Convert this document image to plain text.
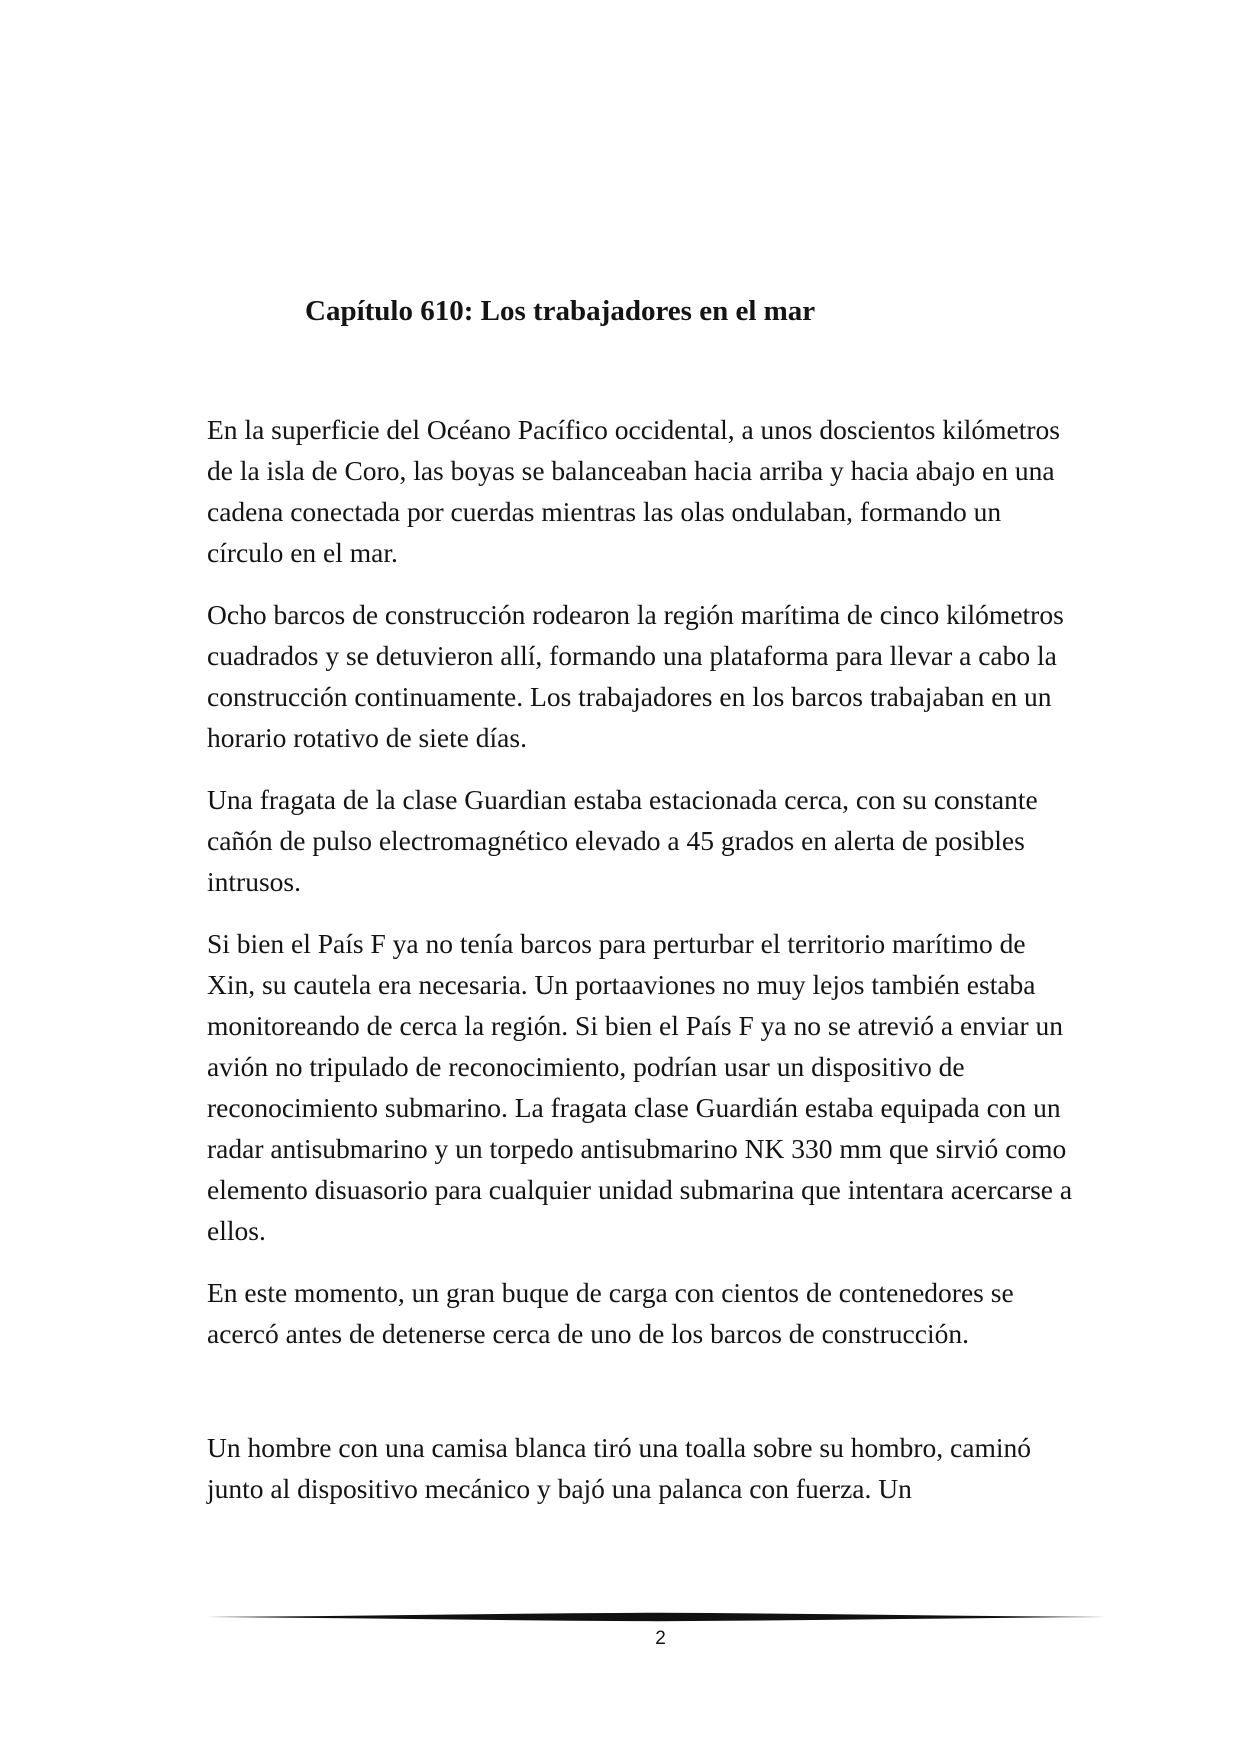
Capítulo 610: Los trabajadores en el mar

En la superficie del Océano Pacífico occidental, a unos doscientos kilómetros de la isla de Coro, las boyas se balanceaban hacia arriba y hacia abajo en una cadena conectada por cuerdas mientras las olas ondulaban, formando un círculo en el mar.

Ocho barcos de construcción rodearon la región marítima de cinco kilómetros cuadrados y se detuvieron allí, formando una plataforma para llevar a cabo la construcción continuamente. Los trabajadores en los barcos trabajaban en un horario rotativo de siete días.

Una fragata de la clase Guardian estaba estacionada cerca, con su constante cañón de pulso electromagnético elevado a 45 grados en alerta de posibles intrusos.

Si bien el País F ya no tenía barcos para perturbar el territorio marítimo de Xin, su cautela era necesaria. Un portaaviones no muy lejos también estaba monitoreando de cerca la región. Si bien el País F ya no se atrevió a enviar un avión no tripulado de reconocimiento, podrían usar un dispositivo de reconocimiento submarino. La fragata clase Guardián estaba equipada con un radar antisubmarino y un torpedo antisubmarino NK 330 mm que sirvió como elemento disuasorio para cualquier unidad submarina que intentara acercarse a ellos.

En este momento, un gran buque de carga con cientos de contenedores se acercó antes de detenerse cerca de uno de los barcos de construcción.

Un hombre con una camisa blanca tiró una toalla sobre su hombro, caminó junto al dispositivo mecánico y bajó una palanca con fuerza. Un

2
